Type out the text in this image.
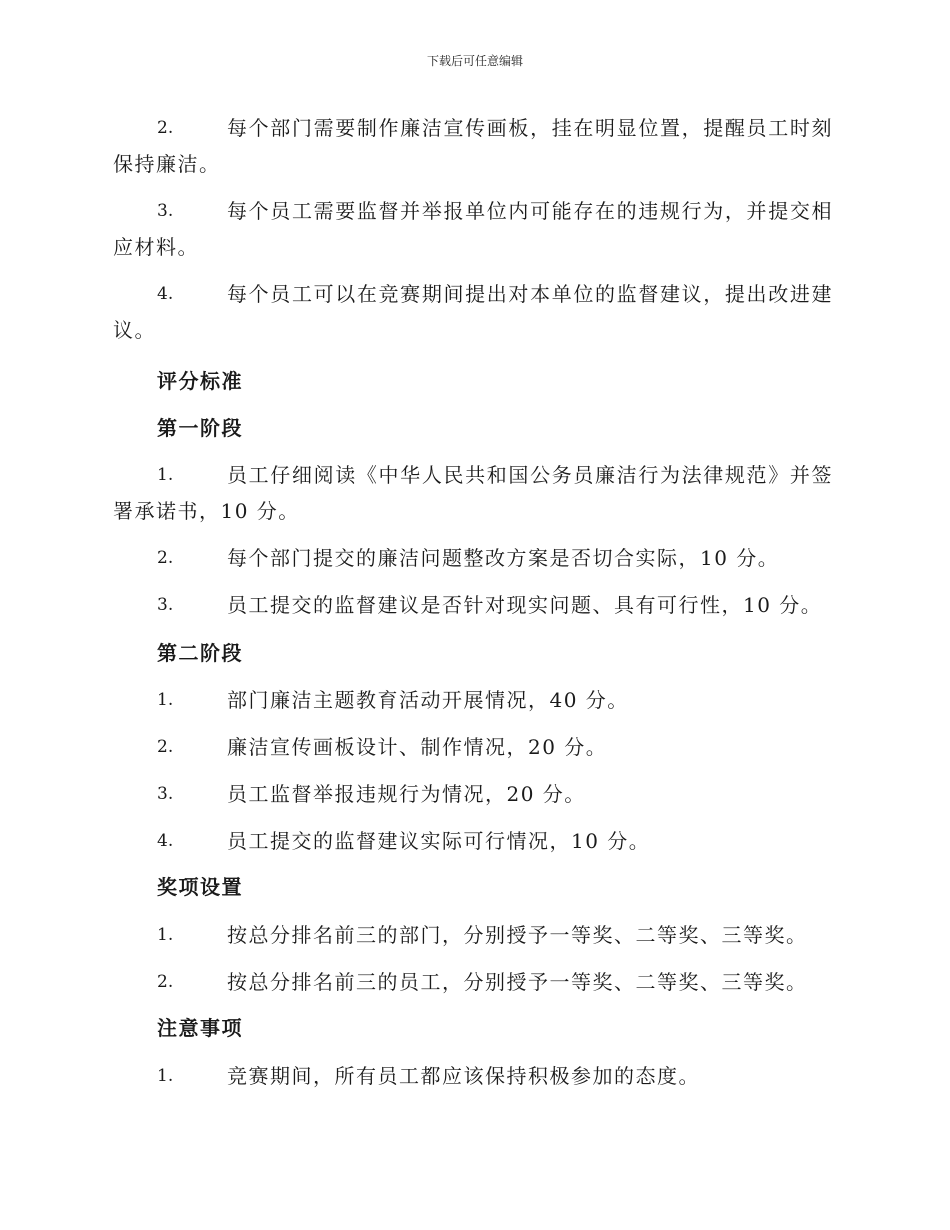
下载后可任意编辑
2.	每个部门需要制作廉洁宣传画板，挂在明显位置，提醒员工时刻
保持廉洁。
3.	每个员工需要监督并举报单位内可能存在的违规行为，并提交相
应材料。
4.	每个员工可以在竞赛期间提出对本单位的监督建议，提出改进建
议。
评分标准
第一阶段
1.	员工仔细阅读《中华人民共和国公务员廉洁行为法律规范》并签
署承诺书，10 分。
2.	每个部门提交的廉洁问题整改方案是否切合实际，10 分。
3.	员工提交的监督建议是否针对现实问题、具有可行性，10 分。
第二阶段
1.	部门廉洁主题教育活动开展情况，40 分。
2.	廉洁宣传画板设计、制作情况，20 分。
3.	员工监督举报违规行为情况，20 分。
4.	员工提交的监督建议实际可行情况，10 分。
奖项设置
1.	按总分排名前三的部门，分别授予一等奖、二等奖、三等奖。
2.	按总分排名前三的员工，分别授予一等奖、二等奖、三等奖。
注意事项
1.	竞赛期间，所有员工都应该保持积极参加的态度。
